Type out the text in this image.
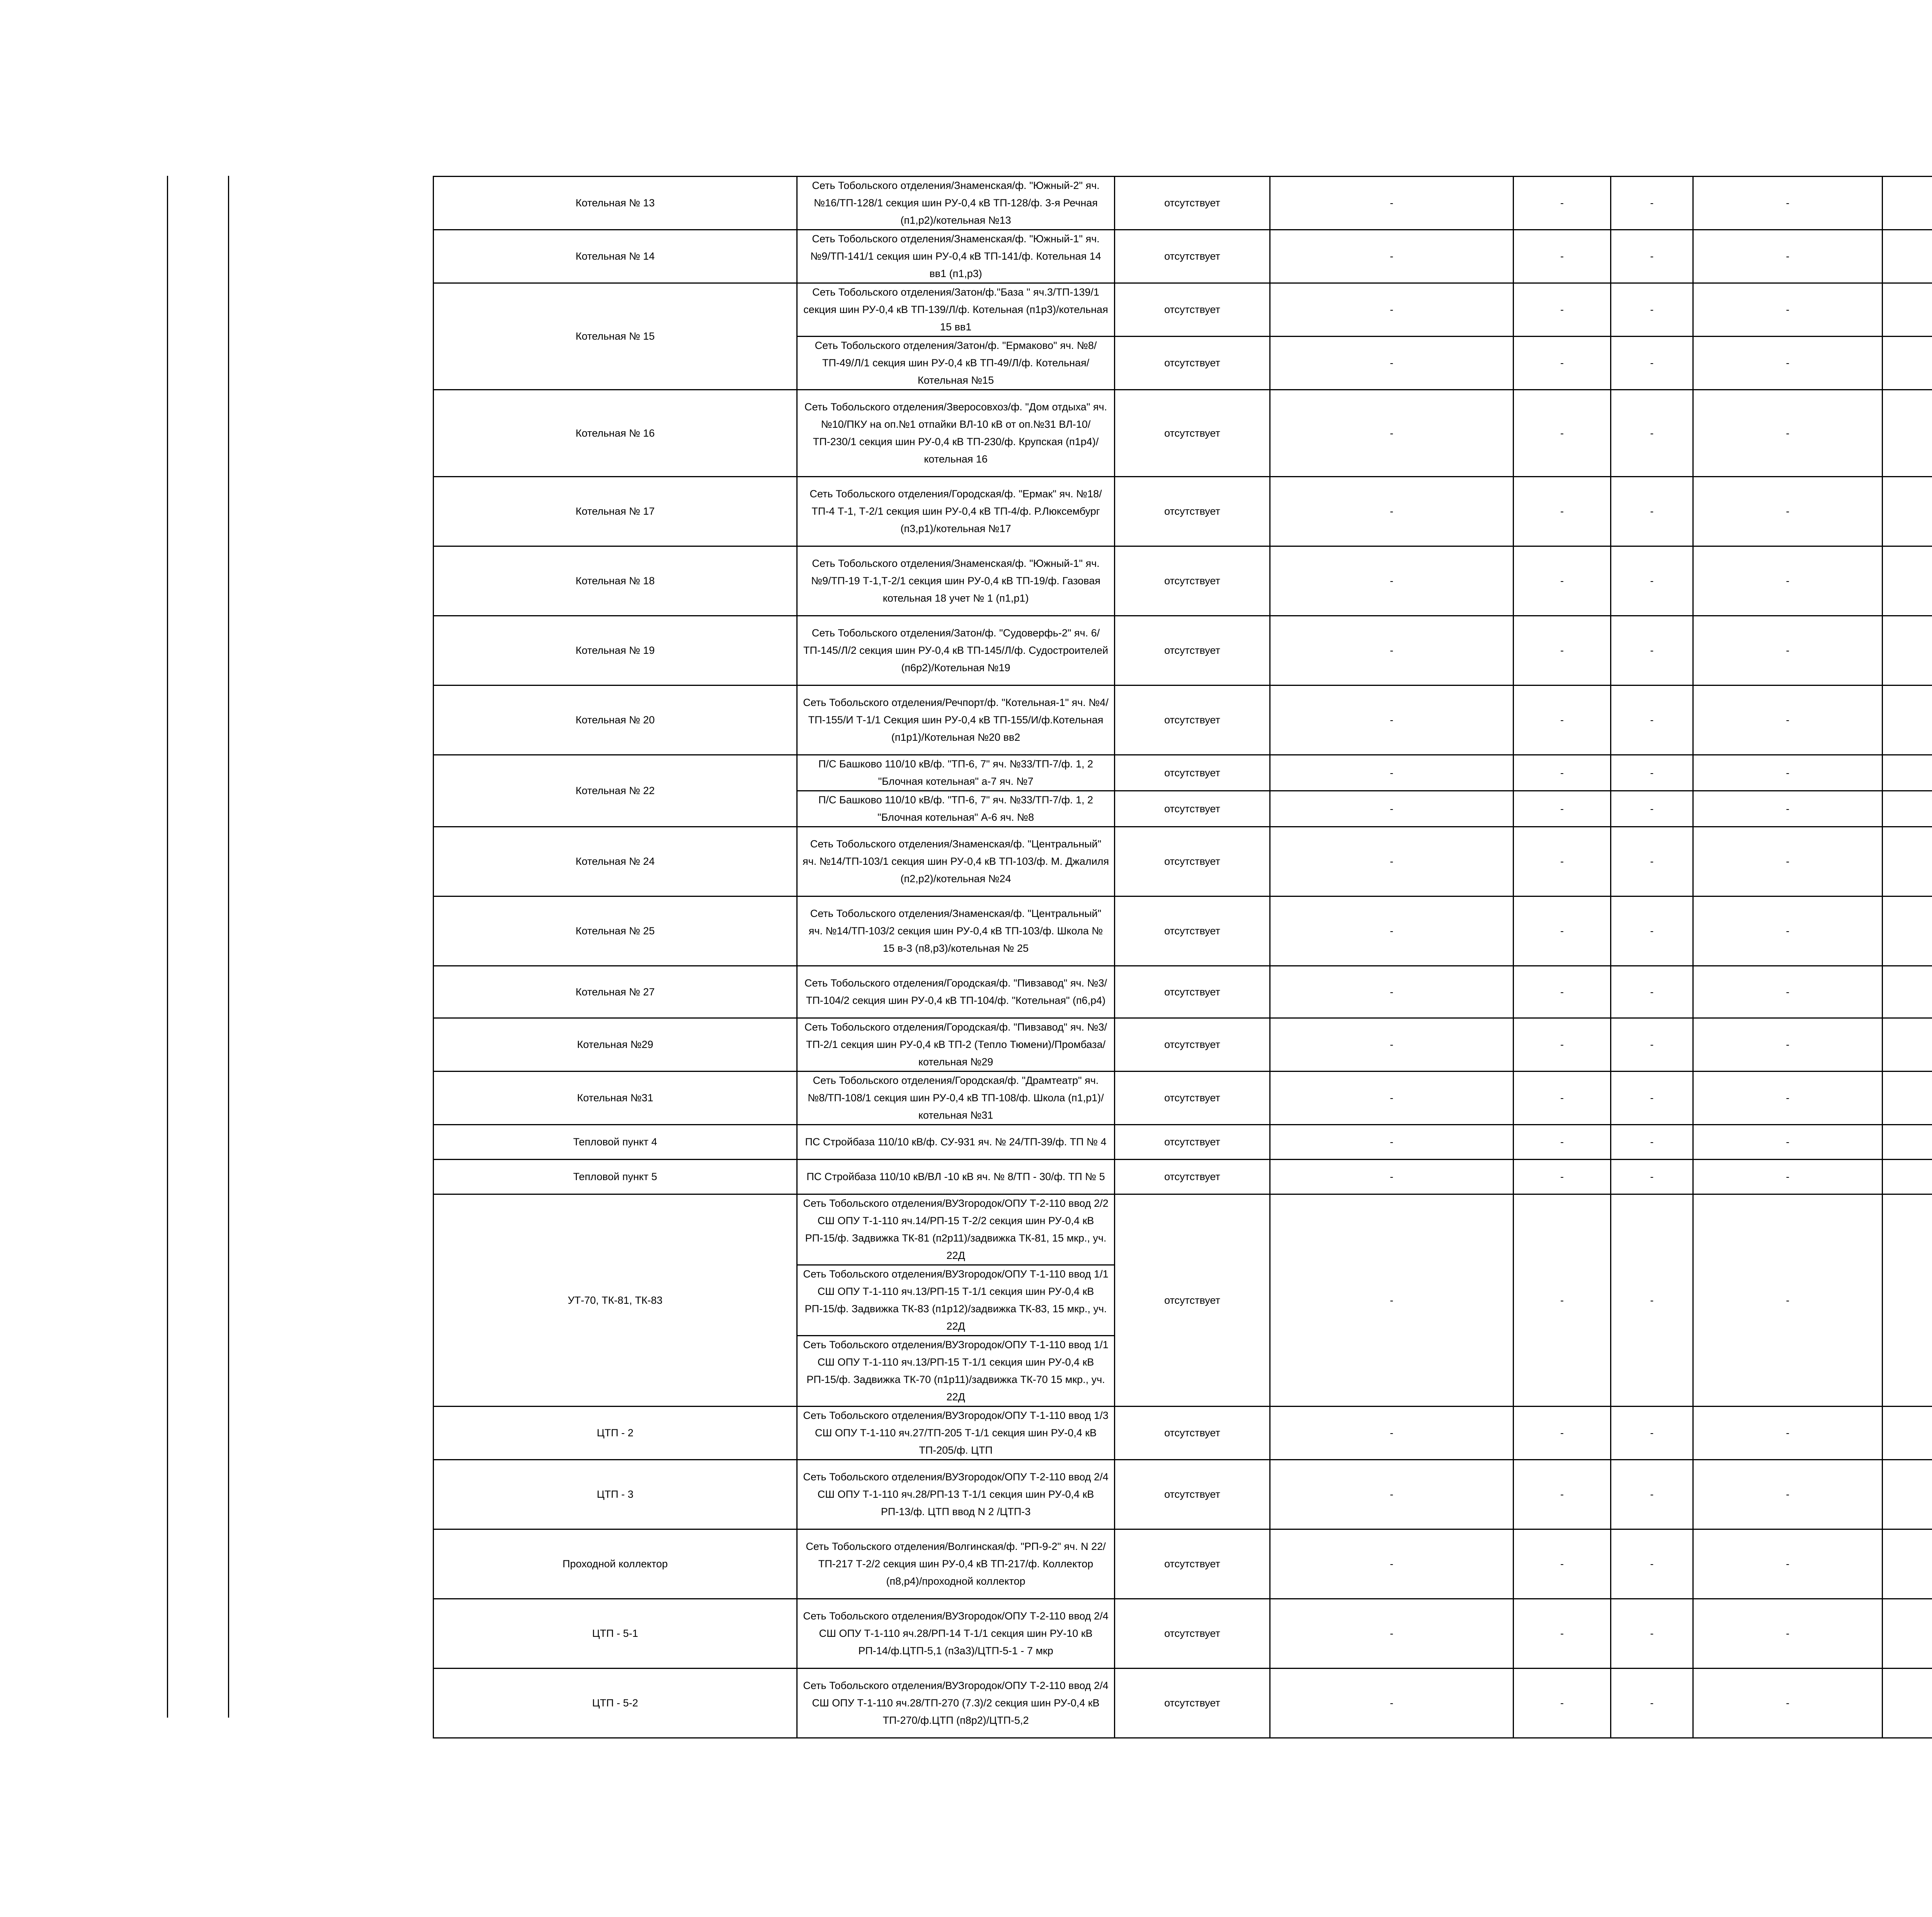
Котельная № 13	Сеть Тобольского отделения/Знаменская/ф. "Южный-2" яч. №16/ТП-128/1 секция шин РУ-0,4 кВ ТП-128/ф. 3-я Речная (п1,р2)/котельная №13	отсутствует	-	-	-	-		
Котельная № 14	Сеть Тобольского отделения/Знаменская/ф. "Южный-1" яч. №9/ТП-141/1 секция шин РУ-0,4 кВ ТП-141/ф. Котельная 14 вв1 (п1,р3)	отсутствует	-	-	-	-		
Котельная № 15	Сеть Тобольского отделения/Затон/ф."База " яч.3/ТП-139/1 секция шин РУ-0,4 кВ ТП-139/Л/ф. Котельная (п1р3)/котельная 15 вв1	отсутствует	-	-	-	-		
	Сеть Тобольского отделения/Затон/ф. "Ермаково" яч. №8/ТП-49/Л/1 секция шин РУ-0,4 кВ ТП-49/Л/ф. Котельная/Котельная №15	отсутствует	-	-	-	-		
Котельная № 16	Сеть Тобольского отделения/Зверосовхоз/ф. "Дом отдыха" яч. №10/ПКУ на оп.№1 отпайки ВЛ-10 кВ от оп.№31 ВЛ-10/ТП-230/1 секция шин РУ-0,4 кВ ТП-230/ф. Крупская (п1р4)/котельная 16	отсутствует	-	-	-	-		
Котельная № 17	Сеть Тобольского отделения/Городская/ф. "Ермак" яч. №18/ТП-4 Т-1, Т-2/1 секция шин РУ-0,4 кВ ТП-4/ф. Р.Люксембург (п3,р1)/котельная №17	отсутствует	-	-	-	-		
Котельная № 18	Сеть Тобольского отделения/Знаменская/ф. "Южный-1" яч. №9/ТП-19 Т-1,Т-2/1 секция шин РУ-0,4 кВ ТП-19/ф. Газовая котельная 18 учет № 1 (п1,р1)	отсутствует	-	-	-	-		
Котельная № 19	Сеть Тобольского отделения/Затон/ф. "Судоверфь-2" яч. 6/ТП-145/Л/2 секция шин РУ-0,4 кВ ТП-145/Л/ф. Судостроителей (п6р2)/Котельная №19	отсутствует	-	-	-	-		
Котельная № 20	Сеть Тобольского отделения/Речпорт/ф. "Котельная-1" яч. №4/ТП-155/И Т-1/1 Секция шин РУ-0,4 кВ ТП-155/И/ф.Котельная (п1р1)/Котельная №20 вв2	отсутствует	-	-	-	-		
Котельная № 22	П/С Башково 110/10 кВ/ф. "ТП-6, 7" яч. №33/ТП-7/ф. 1, 2 "Блочная котельная" а-7 яч. №7	отсутствует	-	-	-	-		
	П/С Башково 110/10 кВ/ф. "ТП-6, 7" яч. №33/ТП-7/ф. 1, 2 "Блочная котельная" А-6 яч. №8	отсутствует	-	-	-	-		
Котельная № 24	Сеть Тобольского отделения/Знаменская/ф. "Центральный" яч. №14/ТП-103/1 секция шин РУ-0,4 кВ ТП-103/ф. М. Джалиля (п2,р2)/котельная №24	отсутствует	-	-	-	-		
Котельная № 25	Сеть Тобольского отделения/Знаменская/ф. "Центральный" яч. №14/ТП-103/2 секция шин РУ-0,4 кВ ТП-103/ф. Школа № 15 в-3 (п8,р3)/котельная № 25	отсутствует	-	-	-	-		
Котельная № 27	Сеть Тобольского отделения/Городская/ф. "Пивзавод" яч. №3/ТП-104/2 секция шин РУ-0,4 кВ ТП-104/ф. "Котельная" (п6,р4)	отсутствует	-	-	-	-		
Котельная №29	Сеть Тобольского отделения/Городская/ф. "Пивзавод" яч. №3/ТП-2/1 секция шин РУ-0,4 кВ ТП-2 (Тепло Тюмени)/Промбаза/котельная №29	отсутствует	-	-	-	-		
Котельная №31	Сеть Тобольского отделения/Городская/ф. "Драмтеатр" яч. №8/ТП-108/1 секция шин РУ-0,4 кВ ТП-108/ф. Школа (п1,р1)/котельная №31	отсутствует	-	-	-	-		
Тепловой пункт 4	ПС Стройбаза 110/10 кВ/ф. СУ-931 яч. № 24/ТП-39/ф. ТП № 4	отсутствует	-	-	-	-		
Тепловой пункт 5	ПС Стройбаза 110/10 кВ/ВЛ -10 кВ яч. № 8/ТП - 30/ф. ТП № 5	отсутствует	-	-	-	-		
УТ-70, ТК-81, ТК-83	Сеть Тобольского отделения/ВУЗгородок/ОПУ Т-2-110 ввод 2/2 СШ ОПУ Т-1-110 яч.14/РП-15 Т-2/2 секция шин РУ-0,4 кВ РП-15/ф. Задвижка ТК-81 (п2р11)/задвижка ТК-81, 15 мкр., уч. 22Д	отсутствует	-	-	-	-		
	Сеть Тобольского отделения/ВУЗгородок/ОПУ Т-1-110 ввод 1/1 СШ ОПУ Т-1-110 яч.13/РП-15 Т-1/1 секция шин РУ-0,4 кВ РП-15/ф. Задвижка ТК-83 (п1р12)/задвижка ТК-83, 15 мкр., уч. 22Д							
	Сеть Тобольского отделения/ВУЗгородок/ОПУ Т-1-110 ввод 1/1 СШ ОПУ Т-1-110 яч.13/РП-15 Т-1/1 секция шин РУ-0,4 кВ РП-15/ф. Задвижка ТК-70 (п1р11)/задвижка ТК-70 15 мкр., уч. 22Д							
ЦТП - 2	Сеть Тобольского отделения/ВУЗгородок/ОПУ Т-1-110 ввод 1/3 СШ ОПУ Т-1-110 яч.27/ТП-205 Т-1/1 секция шин РУ-0,4 кВ ТП-205/ф. ЦТП	отсутствует	-	-	-	-		
ЦТП - 3	Сеть Тобольского отделения/ВУЗгородок/ОПУ Т-2-110 ввод 2/4 СШ ОПУ Т-1-110 яч.28/РП-13 Т-1/1 секция шин РУ-0,4 кВ РП-13/ф. ЦТП ввод N 2 /ЦТП-3	отсутствует	-	-	-	-		
Проходной коллектор	Сеть Тобольского отделения/Волгинская/ф. "РП-9-2" яч. N 22/ТП-217 Т-2/2 секция шин РУ-0,4 кВ ТП-217/ф. Коллектор (п8,р4)/проходной коллектор	отсутствует	-	-	-	-		
ЦТП - 5-1	Сеть Тобольского отделения/ВУЗгородок/ОПУ Т-2-110 ввод 2/4 СШ ОПУ Т-1-110 яч.28/РП-14 Т-1/1 секция шин РУ-10 кВ РП-14/ф.ЦТП-5,1 (п3а3)/ЦТП-5-1 - 7 мкр	отсутствует	-	-	-	-		
ЦТП - 5-2	Сеть Тобольского отделения/ВУЗгородок/ОПУ Т-2-110 ввод 2/4 СШ ОПУ Т-1-110 яч.28/ТП-270 (7.3)/2 секция шин РУ-0,4 кВ ТП-270/ф.ЦТП (п8р2)/ЦТП-5,2	отсутствует	-	-	-	-		
